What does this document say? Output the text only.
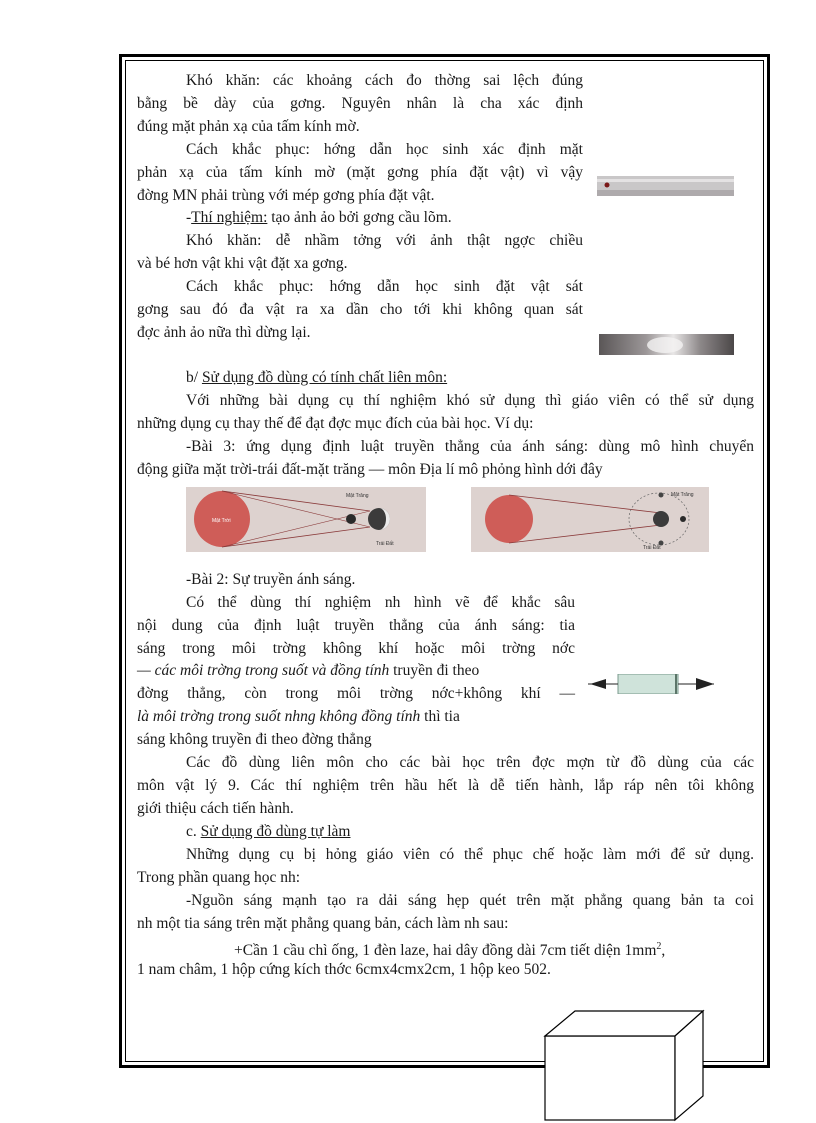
Khó khăn: các khoảng cách đo thờng sai lệch đúng
bằng bề dày của gơng. Nguyên nhân là cha xác định
đúng mặt phản xạ của tấm kính mờ.
Cách khắc phục: hớng dẫn học sinh xác định mặt
phản xạ của tấm kính mờ (mặt gơng phía đặt vật) vì vậy
đờng MN phải trùng với mép gơng phía đặt vật.
-Thí nghiệm: tạo ảnh ảo bởi gơng cầu lõm.
Khó khăn: dễ nhầm tởng với ảnh thật ngợc chiều
và bé hơn vật khi vật đặt xa gơng.
Cách khắc phục: hớng dẫn học sinh đặt vật sát
gơng sau đó đa vật ra xa dần cho tới khi không quan sát
đợc ảnh ảo nữa thì dừng lại.
b/ Sử dụng đồ dùng có tính chất liên môn:
Với những bài dụng cụ thí nghiệm khó sử dụng thì giáo viên có thể sử dụng
những dụng cụ thay thế để đạt đợc mục đích của bài học. Ví dụ:
-Bài 3: ứng dụng định luật truyền thẳng của ánh sáng: dùng mô hình chuyển
động giữa mặt trời-trái đất-mặt trăng — môn Địa lí mô phỏng hình dới đây
Mặt Trời
Mặt Trăng
Trái Đất
Mặt Trăng
Trái Đất
-Bài 2: Sự truyền ánh sáng.
Có thể dùng thí nghiệm nh hình vẽ để khắc sâu
nội dung của định luật truyền thẳng của ánh sáng: tia
sáng trong môi trờng không khí hoặc môi trờng nớc
— các môi trờng trong suốt và đồng tính truyền đi theo
đờng thẳng, còn trong môi trờng nớc+không khí —
là môi trờng trong suốt nhng không đồng tính thì tia
sáng không truyền đi theo đờng thẳng
Các đồ dùng liên môn cho các bài học trên đợc mợn từ đồ dùng của các
môn vật lý 9. Các thí nghiệm trên hầu hết là dễ tiến hành, lắp ráp nên tôi không
giới thiệu cách tiến hành.
c. Sử dụng đồ dùng tự làm
Những dụng cụ bị hỏng giáo viên có thể phục chế hoặc làm mới để sử dụng.
Trong phần quang học nh:
-Nguồn sáng mạnh tạo ra dải sáng hẹp quét trên mặt phẳng quang bản ta coi
nh một tia sáng trên mặt phẳng quang bản, cách làm nh sau:
+Cần 1 cầu chì ống, 1 đèn laze, hai dây đồng dài 7cm tiết diện $1mm^2$,
1 nam châm, 1 hộp cứng kích thớc 6cmx4cmx2cm, 1 hộp keo 502.
